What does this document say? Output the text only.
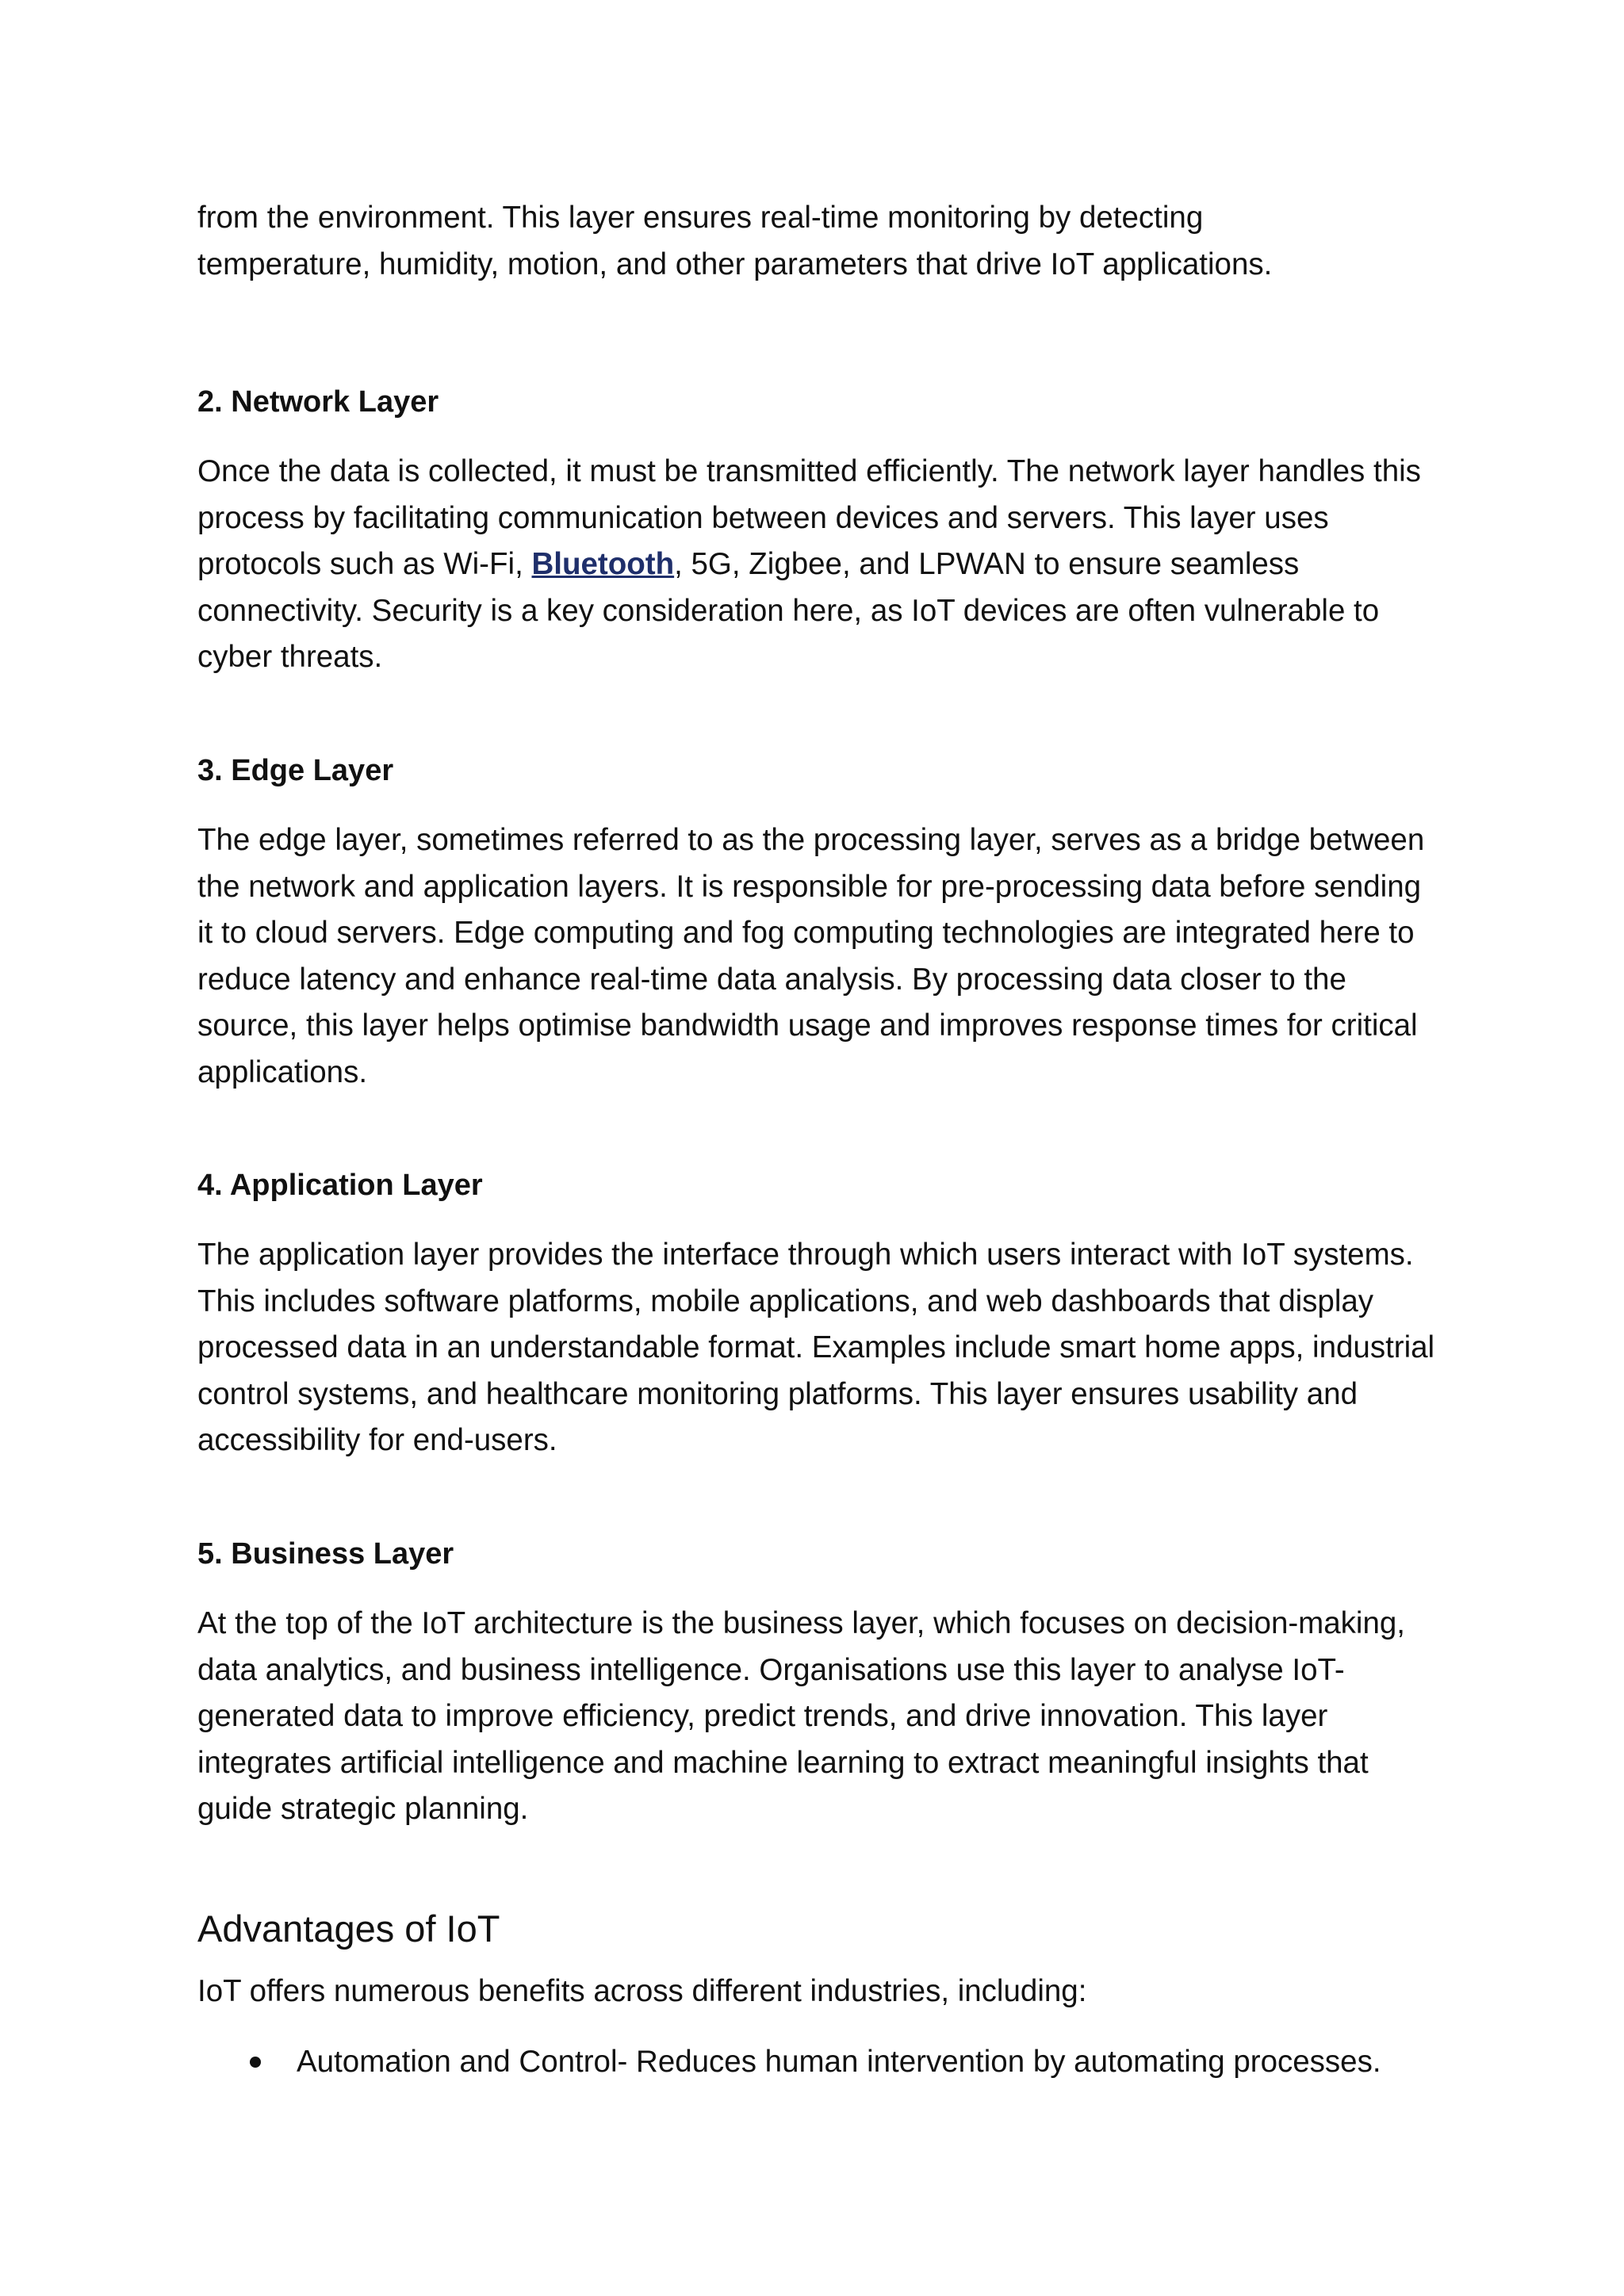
from the environment. This layer ensures real-time monitoring by detecting
temperature, humidity, motion, and other parameters that drive IoT applications.

2. Network Layer

Once the data is collected, it must be transmitted efficiently. The network layer handles this process by facilitating communication between devices and servers. This layer uses protocols such as Wi-Fi, Bluetooth, 5G, Zigbee, and LPWAN to ensure seamless connectivity. Security is a key consideration here, as IoT devices are often vulnerable to cyber threats.

3. Edge Layer

The edge layer, sometimes referred to as the processing layer, serves as a bridge between the network and application layers. It is responsible for pre-processing data before sending it to cloud servers. Edge computing and fog computing technologies are integrated here to reduce latency and enhance real-time data analysis. By processing data closer to the source, this layer helps optimise bandwidth usage and improves response times for critical applications.

4. Application Layer

The application layer provides the interface through which users interact with IoT systems. This includes software platforms, mobile applications, and web dashboards that display processed data in an understandable format. Examples include smart home apps, industrial control systems, and healthcare monitoring platforms. This layer ensures usability and accessibility for end-users.

5. Business Layer

At the top of the IoT architecture is the business layer, which focuses on decision-making, data analytics, and business intelligence. Organisations use this layer to analyse IoT-generated data to improve efficiency, predict trends, and drive innovation. This layer integrates artificial intelligence and machine learning to extract meaningful insights that guide strategic planning.

Advantages of IoT

IoT offers numerous benefits across different industries, including:

Automation and Control- Reduces human intervention by automating processes.
